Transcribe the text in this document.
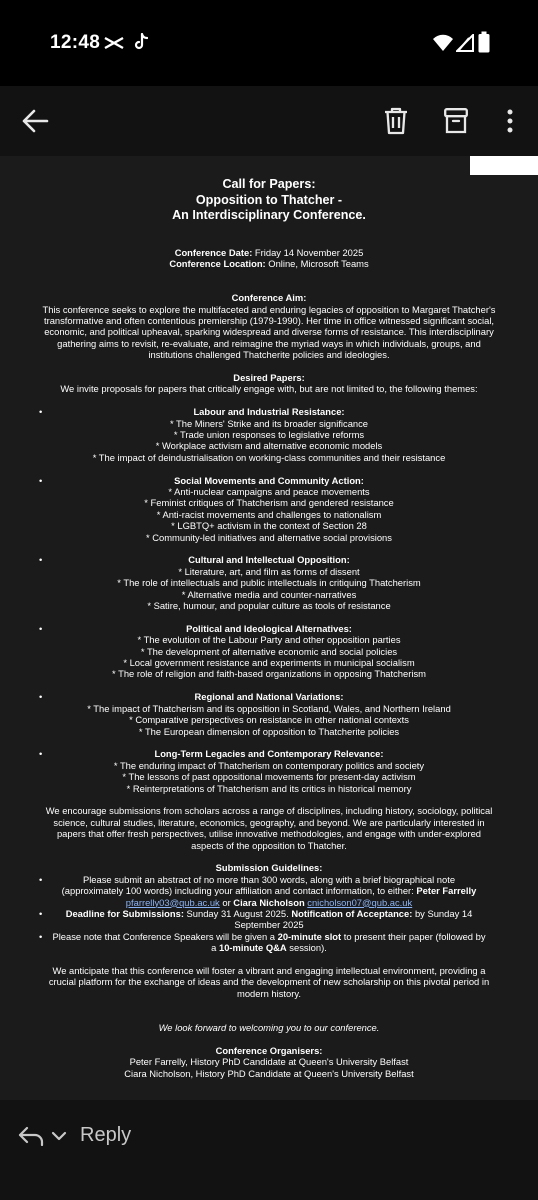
12:48
Call for Papers:
Opposition to Thatcher -
An Interdisciplinary Conference.
Conference Date: Friday 14 November 2025
Conference Location: Online, Microsoft Teams
Conference Aim:
This conference seeks to explore the multifaceted and enduring legacies of opposition to Margaret Thatcher's
transformative and often contentious premiership (1979-1990). Her time in office witnessed significant social,
economic, and political upheaval, sparking widespread and diverse forms of resistance. This interdisciplinary
gathering aims to revisit, re-evaluate, and reimagine the myriad ways in which individuals, groups, and
institutions challenged Thatcherite policies and ideologies.
Desired Papers:
We invite proposals for papers that critically engage with, but are not limited to, the following themes:
•	Labour and Industrial Resistance:
* The Miners' Strike and its broader significance
* Trade union responses to legislative reforms
* Workplace activism and alternative economic models
* The impact of deindustrialisation on working-class communities and their resistance
•	Social Movements and Community Action:
* Anti-nuclear campaigns and peace movements
* Feminist critiques of Thatcherism and gendered resistance
* Anti-racist movements and challenges to nationalism
* LGBTQ+ activism in the context of Section 28
* Community-led initiatives and alternative social provisions
•	Cultural and Intellectual Opposition:
* Literature, art, and film as forms of dissent
* The role of intellectuals and public intellectuals in critiquing Thatcherism
* Alternative media and counter-narratives
* Satire, humour, and popular culture as tools of resistance
•	Political and Ideological Alternatives:
* The evolution of the Labour Party and other opposition parties
* The development of alternative economic and social policies
* Local government resistance and experiments in municipal socialism
* The role of religion and faith-based organizations in opposing Thatcherism
•	Regional and National Variations:
* The impact of Thatcherism and its opposition in Scotland, Wales, and Northern Ireland
* Comparative perspectives on resistance in other national contexts
* The European dimension of opposition to Thatcherite policies
•	Long-Term Legacies and Contemporary Relevance:
* The enduring impact of Thatcherism on contemporary politics and society
* The lessons of past oppositional movements for present-day activism
* Reinterpretations of Thatcherism and its critics in historical memory
We encourage submissions from scholars across a range of disciplines, including history, sociology, political
science, cultural studies, literature, economics, geography, and beyond. We are particularly interested in
papers that offer fresh perspectives, utilise innovative methodologies, and engage with under-explored
aspects of the opposition to Thatcher.
Submission Guidelines:
•	Please submit an abstract of no more than 300 words, along with a brief biographical note
(approximately 100 words) including your affiliation and contact information, to either: Peter Farrelly
pfarrelly03@qub.ac.uk or Ciara Nicholson cnicholson07@qub.ac.uk
•	Deadline for Submissions: Sunday 31 August 2025. Notification of Acceptance: by Sunday 14
September 2025
•	Please note that Conference Speakers will be given a 20-minute slot to present their paper (followed by
a 10-minute Q&A session).
We anticipate that this conference will foster a vibrant and engaging intellectual environment, providing a
crucial platform for the exchange of ideas and the development of new scholarship on this pivotal period in
modern history.
We look forward to welcoming you to our conference.
Conference Organisers:
Peter Farrelly, History PhD Candidate at Queen's University Belfast
Ciara Nicholson, History PhD Candidate at Queen's University Belfast
Reply
